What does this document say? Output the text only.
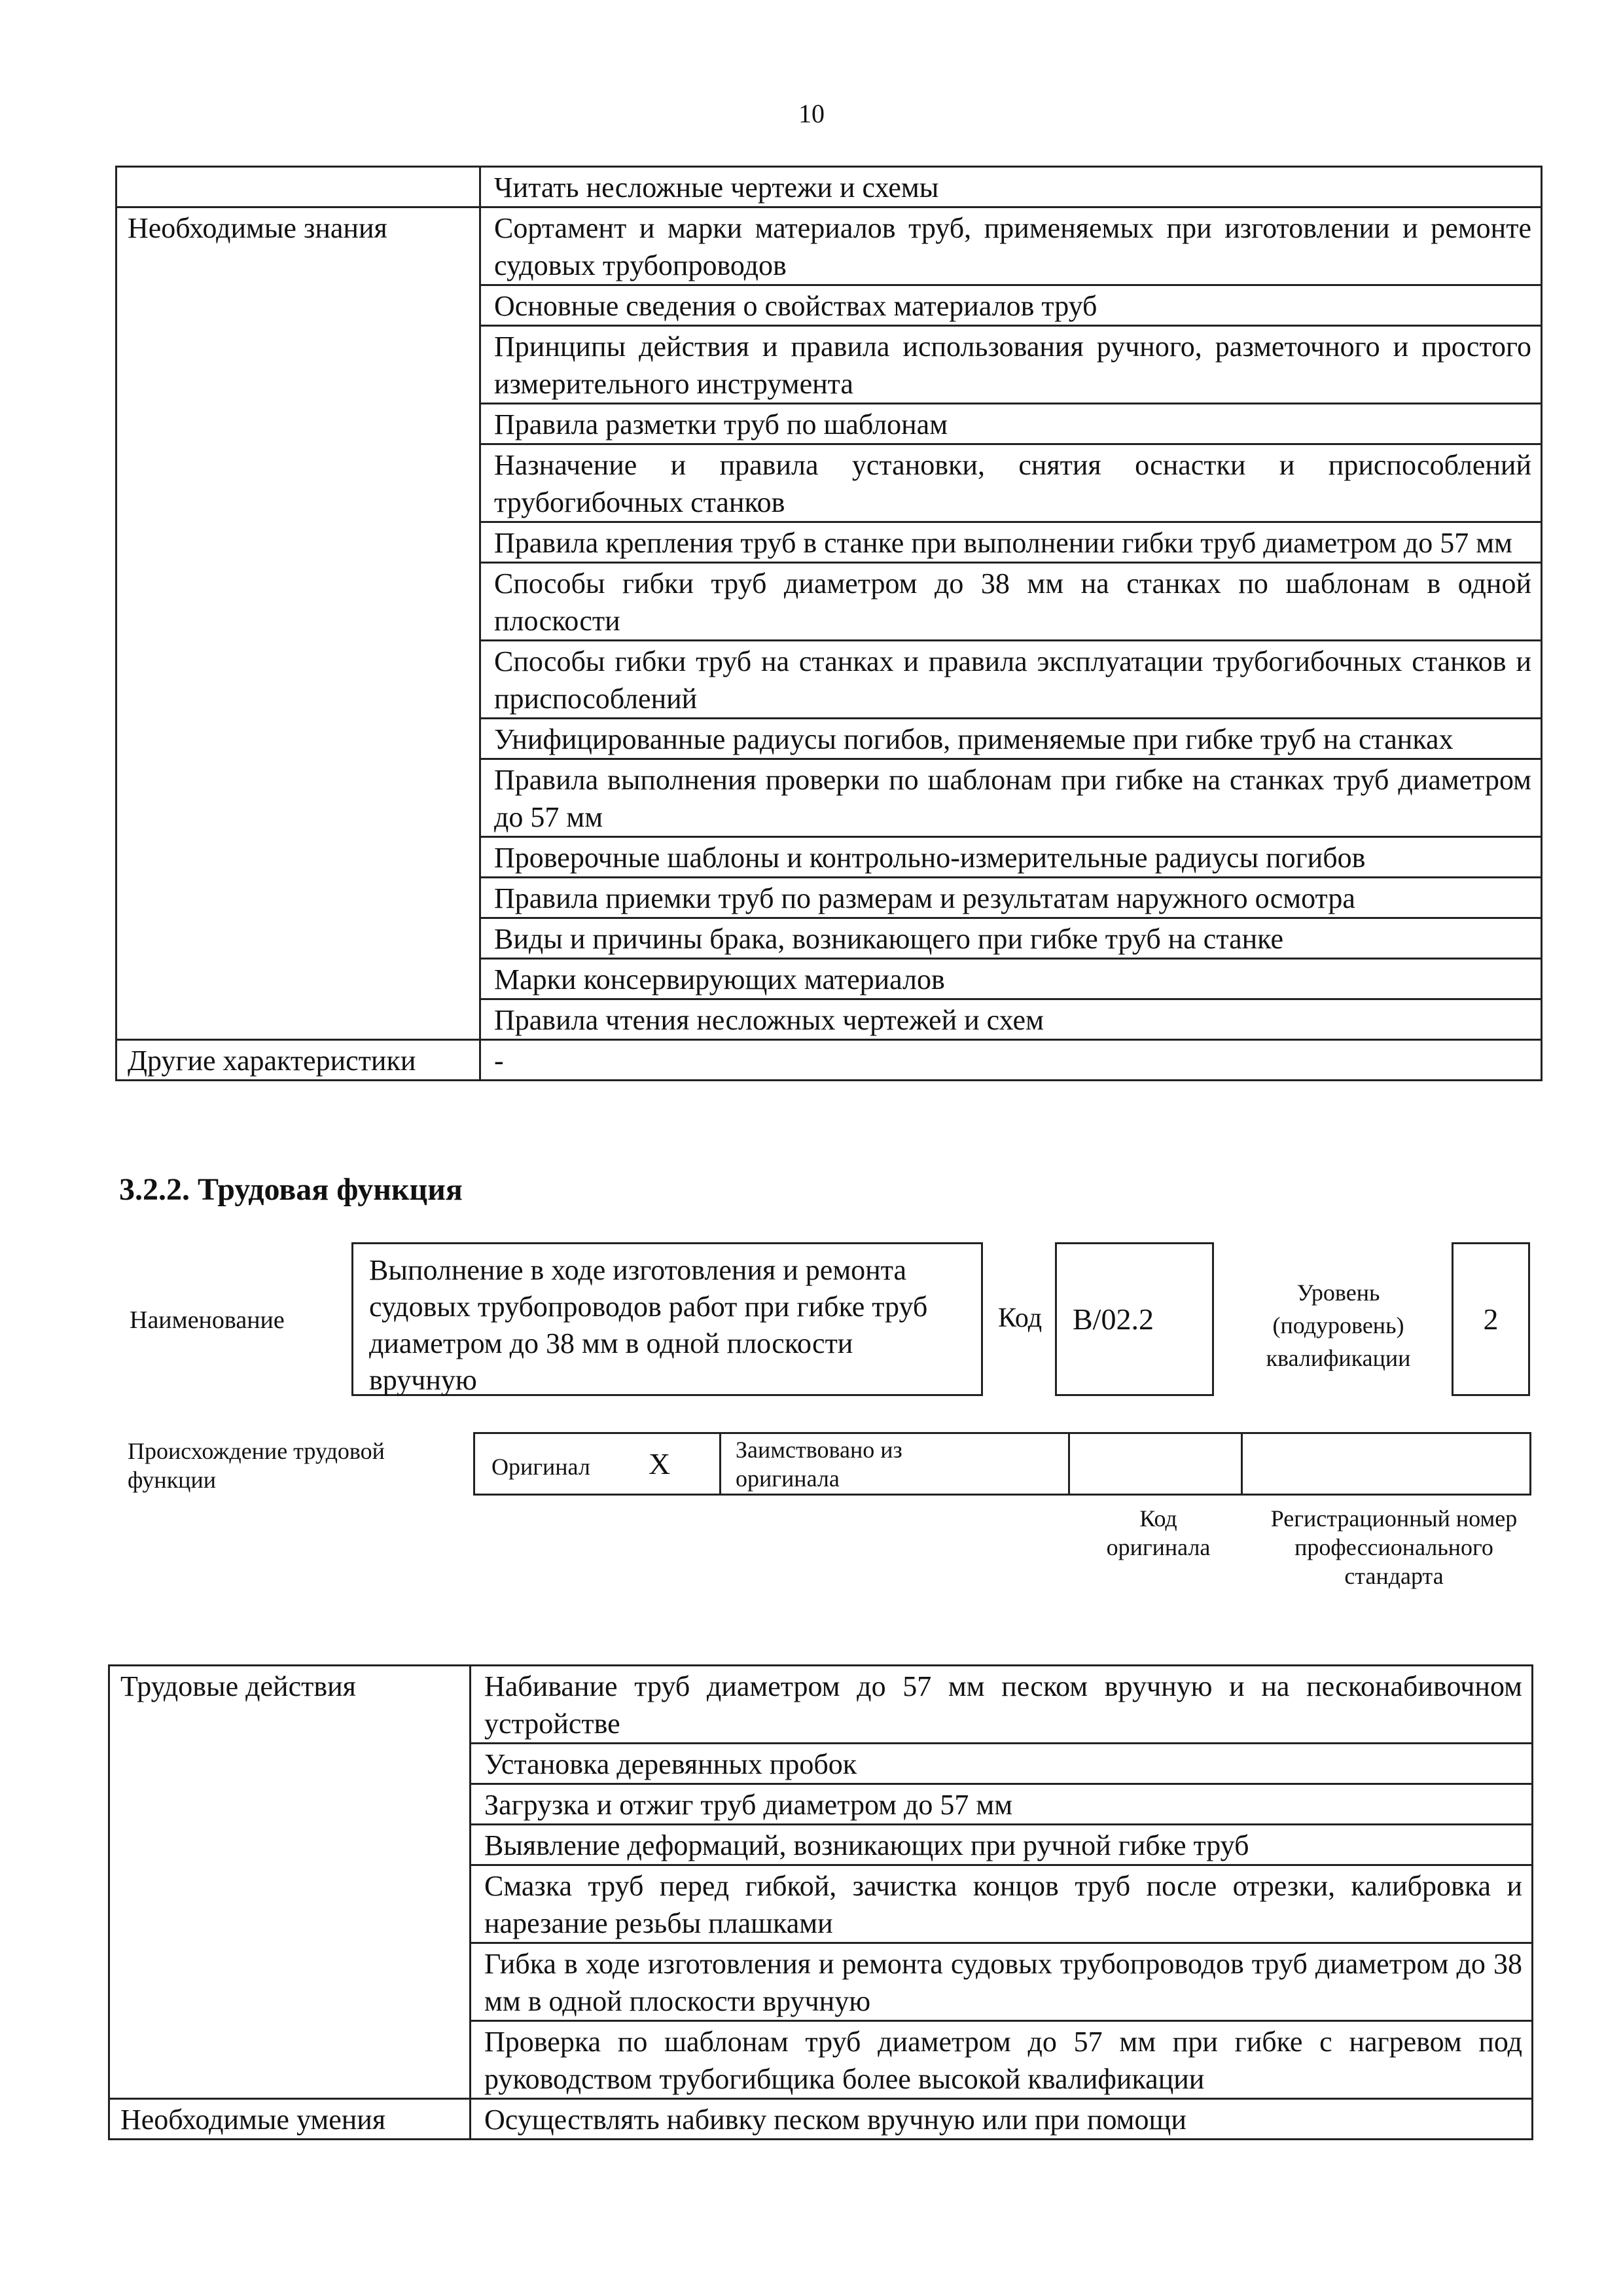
10
	Читать несложные чертежи и схемы
Необходимые знания	Сортамент и марки материалов труб, применяемых при изготовлении и ремонте судовых трубопроводов
	Основные сведения о свойствах материалов труб
	Принципы действия и правила использования ручного, разметочного и простого измерительного инструмента
	Правила разметки труб по шаблонам
	Назначение и правила установки, снятия оснастки и приспособлений трубогибочных станков
	Правила крепления труб в станке при выполнении гибки труб диаметром до 57 мм
	Способы гибки труб диаметром до 38 мм на станках по шаблонам в одной плоскости
	Способы гибки труб на станках и правила эксплуатации трубогибочных станков и приспособлений
	Унифицированные радиусы погибов, применяемые при гибке труб на станках
	Правила выполнения проверки по шаблонам при гибке на станках труб диаметром до 57 мм
	Проверочные шаблоны и контрольно-измерительные радиусы погибов
	Правила приемки труб по размерам и результатам наружного осмотра
	Виды и причины брака, возникающего при гибке труб на станке
	Марки консервирующих материалов
	Правила чтения несложных чертежей и схем
Другие характеристики	-
3.2.2. Трудовая функция
Наименование
Выполнение в ходе изготовления и ремонта судовых трубопроводов работ при гибке труб диаметром до 38 мм в одной плоскости вручную
Код	B/02.2
Уровень (подуровень) квалификации
2
Происхождение трудовой функции	Оригинал X	Заимствовано из оригинала
Код оригинала
Регистрационный номер профессионального стандарта
Трудовые действия	Набивание труб диаметром до 57 мм песком вручную и на песконабивочном устройстве
	Установка деревянных пробок
	Загрузка и отжиг труб диаметром до 57 мм
	Выявление деформаций, возникающих при ручной гибке труб
	Смазка труб перед гибкой, зачистка концов труб после отрезки, калибровка и нарезание резьбы плашками
	Гибка в ходе изготовления и ремонта судовых трубопроводов труб диаметром до 38 мм в одной плоскости вручную
	Проверка по шаблонам труб диаметром до 57 мм при гибке с нагревом под руководством трубогибщика более высокой квалификации
Необходимые умения	Осуществлять набивку песком вручную или при помощи
